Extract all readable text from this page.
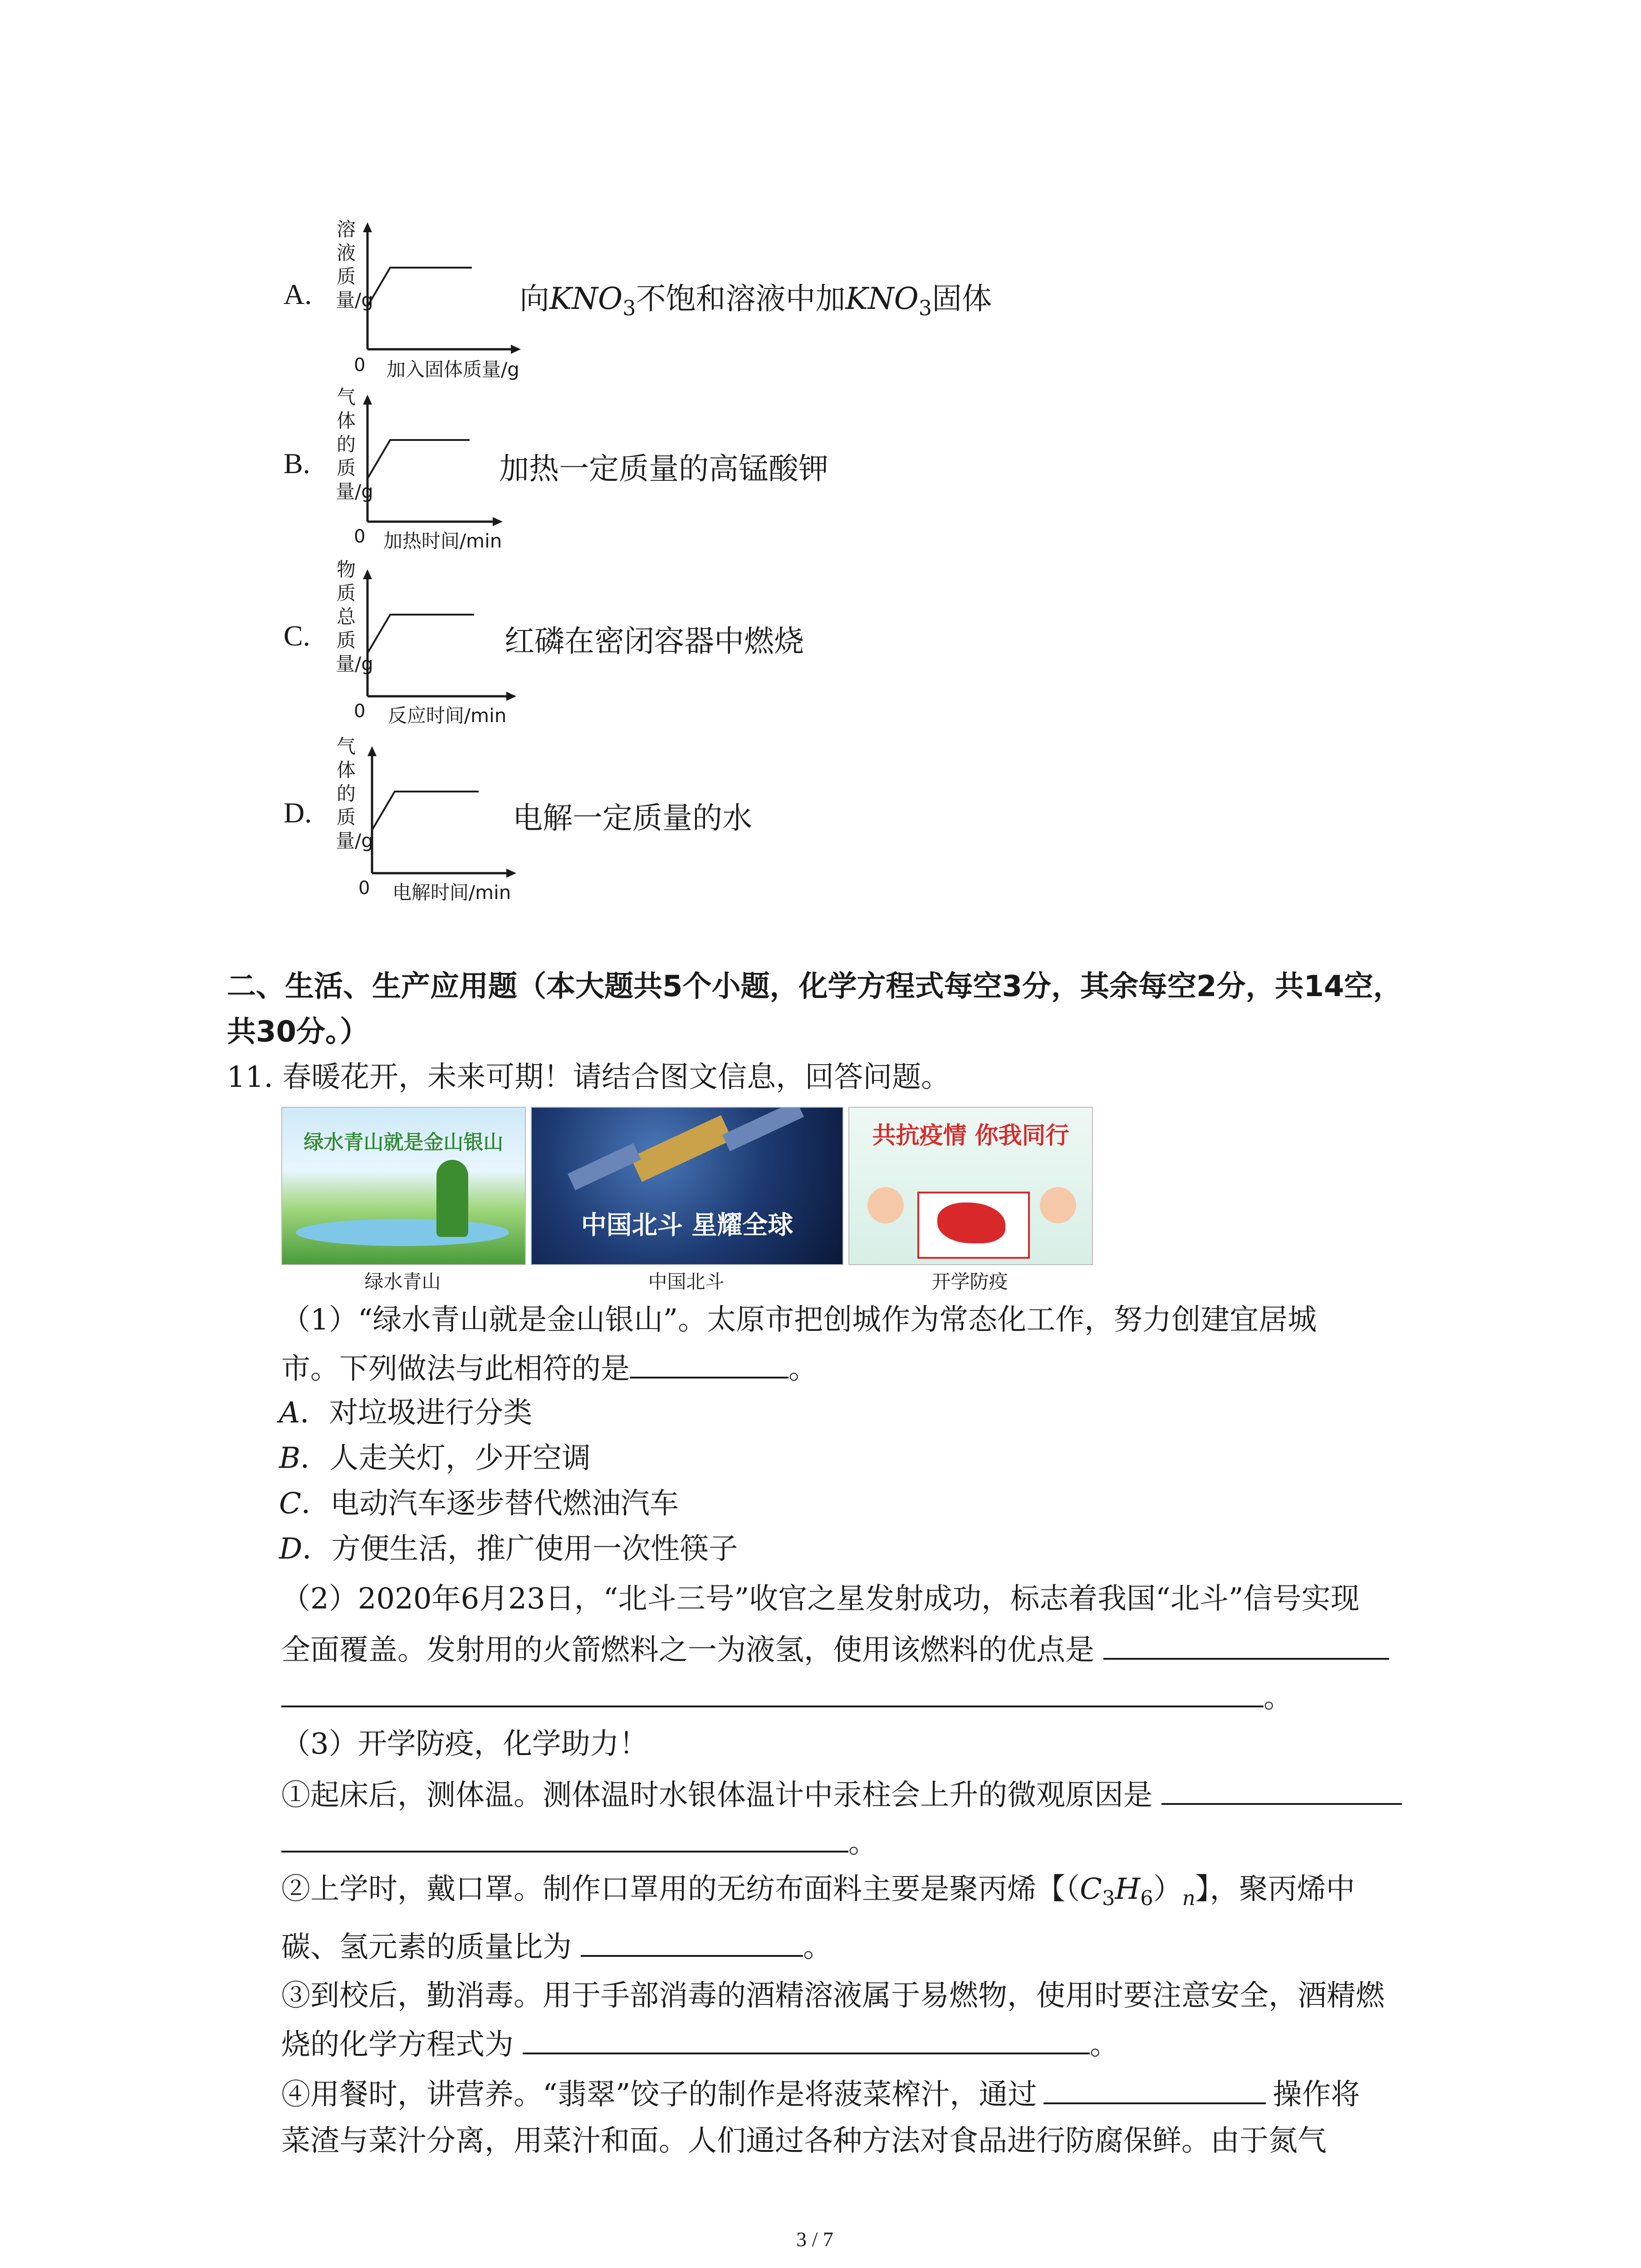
A.
溶液质量/g
0 加入固体质量/g
向$KNO_3$不饱和溶液中加$KNO_3$固体
B.
气体的质量/g
0 加热时间/min
加热一定质量的高锰酸钾
C.
物质总质量/g
0 反应时间/min
红磷在密闭容器中燃烧
D.
气体的质量/g
0 电解时间/min
电解一定质量的水
二、生活、生产应用题（本大题共5个小题，化学方程式每空3分，其余每空2分，共14空，
共30分。）
11. 春暖花开，未来可期！请结合图文信息，回答问题。
绿水青山就是金山银山
绿水青山
中国北斗 星耀全球
中国北斗
共抗疫情 你我同行
开学防疫
（1）“绿水青山就是金山银山”。太原市把创城作为常态化工作，努力创建宜居城
市。下列做法与此相符的是	。
A．对垃圾进行分类
B．人走关灯，少开空调
C．电动汽车逐步替代燃油汽车
D．方便生活，推广使用一次性筷子
（2）2020年6月23日，“北斗三号”收官之星发射成功，标志着我国“北斗”信号实现
全面覆盖。发射用的火箭燃料之一为液氢，使用该燃料的优点是
。
（3）开学防疫，化学助力！
①起床后，测体温。测体温时水银体温计中汞柱会上升的微观原因是
。
②上学时，戴口罩。制作口罩用的无纺布面料主要是聚丙烯【$(C_3H_6)_n$】，聚丙烯中
碳、氢元素的质量比为	。
③到校后，勤消毒。用于手部消毒的酒精溶液属于易燃物，使用时要注意安全，酒精燃
烧的化学方程式为	。
④用餐时，讲营养。“翡翠”饺子的制作是将菠菜榨汁，通过	操作将
菜渣与菜汁分离，用菜汁和面。人们通过各种方法对食品进行防腐保鲜。由于氮气
3 / 7
